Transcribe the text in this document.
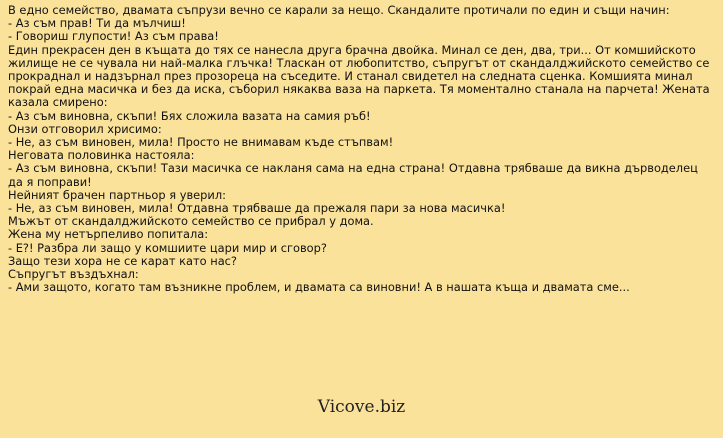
В едно семейство, двамата съпрузи вечно се карали за нещо. Скандалите протичали по един и същи начин:
- Аз съм прав! Ти да мълчиш!
- Говориш глупости! Аз съм права!
Един прекрасен ден в къщата до тях се нанесла друга брачна двойка. Минал се ден, два, три... От комшийското жилище не се чувала ни най-малка глъчка! Тласкан от любопитство, съпругът от скандалджийското семейство се прокраднал и надзърнал през прозореца на съседите. И станал свидетел на следната сценка. Комшията минал покрай една масичка и без да иска, съборил някаква ваза на паркета. Тя моментално станала на парчета! Жената казала смирено:
- Аз съм виновна, скъпи! Бях сложила вазата на самия ръб!
Онзи отговорил хрисимо:
- Не, аз съм виновен, мила! Просто не внимавам къде стъпвам!
Неговата половинка настояла:
- Аз съм виновна, скъпи! Тази масичка се накланя сама на една страна! Отдавна трябваше да викна дърводелец да я поправи!
Нейният брачен партньор я уверил:
- Не, аз съм виновен, мила! Отдавна трябваше да прежаля пари за нова масичка!
Мъжът от скандалджийското семейство се прибрал у дома.
Жена му нетърпеливо попитала:
- Е?! Разбра ли защо у комшиите цари мир и сговор?
Защо тези хора не се карат като нас?
Съпругът въздъхнал:
- Ами защото, когато там възникне проблем, и двамата са виновни! А в нашата къща и двамата сме...
Vicove.biz
